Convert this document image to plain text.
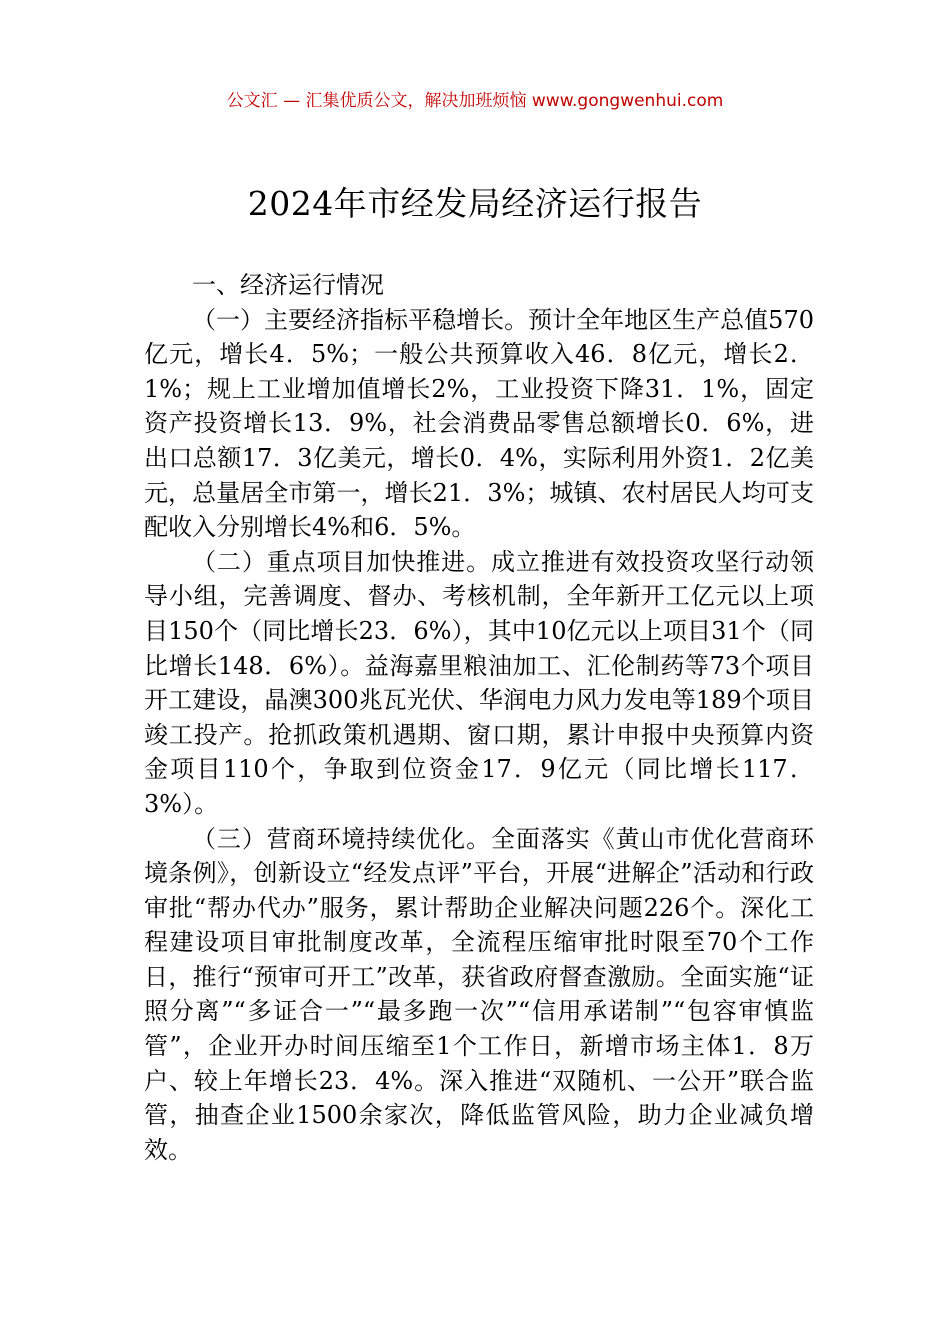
公文汇 — 汇集优质公文，解决加班烦恼 www.gongwenhui.com
2024年市经发局经济运行报告

一、经济运行情况

（一）主要经济指标平稳增长。预计全年地区生产总值570亿元，增长4．5%；一般公共预算收入46．8亿元，增长2．1%；规上工业增加值增长2%，工业投资下降31．1%，固定资产投资增长13．9%，社会消费品零售总额增长0．6%，进出口总额17．3亿美元，增长0．4%，实际利用外资1．2亿美元，总量居全市第一，增长21．3%；城镇、农村居民人均可支配收入分别增长4%和6．5%。

（二）重点项目加快推进。成立推进有效投资攻坚行动领导小组，完善调度、督办、考核机制，全年新开工亿元以上项目150个（同比增长23．6%），其中10亿元以上项目31个（同比增长148．6%）。益海嘉里粮油加工、汇伦制药等73个项目开工建设，晶澳300兆瓦光伏、华润电力风力发电等189个项目竣工投产。抢抓政策机遇期、窗口期，累计申报中央预算内资金项目110个，争取到位资金17．9亿元（同比增长117．3%）。

（三）营商环境持续优化。全面落实《黄山市优化营商环境条例》，创新设立“经发点评”平台，开展“进解企”活动和行政审批“帮办代办”服务，累计帮助企业解决问题226个。深化工程建设项目审批制度改革，全流程压缩审批时限至70个工作日，推行“预审可开工”改革，获省政府督查激励。全面实施“证照分离”“多证合一”“最多跑一次”“信用承诺制”“包容审慎监管”，企业开办时间压缩至1个工作日，新增市场主体1．8万户、较上年增长23．4%。深入推进“双随机、一公开”联合监管，抽查企业1500余家次，降低监管风险，助力企业减负增效。
